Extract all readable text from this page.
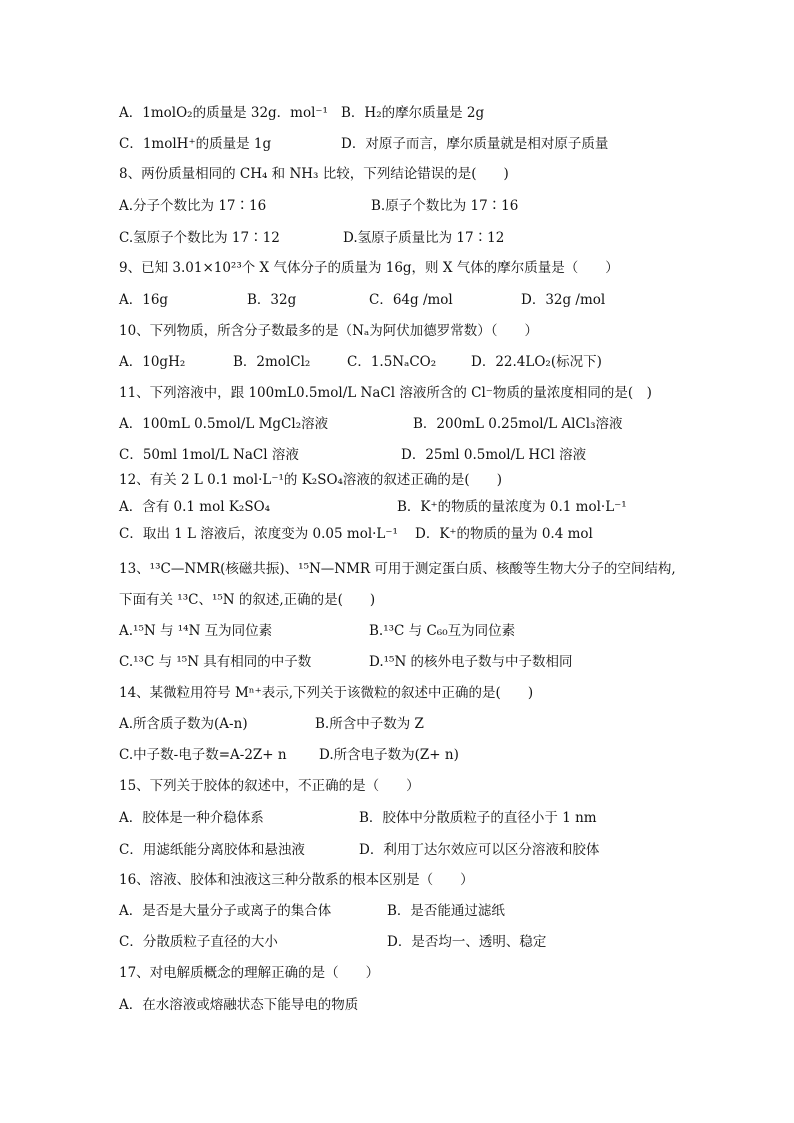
A．1molO₂的质量是 32g．mol⁻¹ B．H₂的摩尔质量是 2g
C．1molH⁺的质量是 1g	D．对原子而言，摩尔质量就是相对原子质量
8、两份质量相同的 CH₄ 和 NH₃ 比较，下列结论错误的是(　　)
A.分子个数比为 17∶16	B.原子个数比为 17∶16
C.氢原子个数比为 17∶12	D.氢原子质量比为 17∶12
9、已知 3.01×10²³个 X 气体分子的质量为 16g，则 X 气体的摩尔质量是（　　）
A．16g	B．32g	C．64g /mol	D．32g /mol
10、下列物质，所含分子数最多的是（Nₐ为阿伏加德罗常数）（　　）
A．10gH₂	B．2molCl₂	C．1.5NₐCO₂	D．22.4LO₂(标况下)
11、下列溶液中，跟 100mL0.5mol/L NaCl 溶液所含的 Cl⁻物质的量浓度相同的是(　)
A．100mL 0.5mol/L MgCl₂溶液	B．200mL 0.25mol/L AlCl₃溶液
C．50ml 1mol/L NaCl 溶液	D．25ml 0.5mol/L HCl 溶液
12、有关 2 L 0.1 mol·L⁻¹的 K₂SO₄溶液的叙述正确的是(　　)
A．含有 0.1 mol K₂SO₄	B．K⁺的物质的量浓度为 0.1 mol·L⁻¹
C．取出 1 L 溶液后，浓度变为 0.05 mol·L⁻¹ D．K⁺的物质的量为 0.4 mol
13、¹³C—NMR(核磁共振)、¹⁵N—NMR 可用于测定蛋白质、核酸等生物大分子的空间结构,
下面有关 ¹³C、¹⁵N 的叙述,正确的是(　　)
A.¹⁵N 与 ¹⁴N 互为同位素	B.¹³C 与 C₆₀互为同位素
C.¹³C 与 ¹⁵N 具有相同的中子数	D.¹⁵N 的核外电子数与中子数相同
14、某微粒用符号 Mⁿ⁺表示,下列关于该微粒的叙述中正确的是(　　)
A.所含质子数为(A-n)	B.所含中子数为 Z
C.中子数-电子数=A-2Z+ n D.所含电子数为(Z+ n)
15、下列关于胶体的叙述中，不正确的是（　　）
A．胶体是一种介稳体系	B．胶体中分散质粒子的直径小于 1 nm
C．用滤纸能分离胶体和悬浊液	D．利用丁达尔效应可以区分溶液和胶体
16、溶液、胶体和浊液这三种分散系的根本区别是（　　）
A．是否是大量分子或离子的集合体	B．是否能通过滤纸
C．分散质粒子直径的大小	D．是否均一、透明、稳定
17、对电解质概念的理解正确的是（　　）
A．在水溶液或熔融状态下能导电的物质
